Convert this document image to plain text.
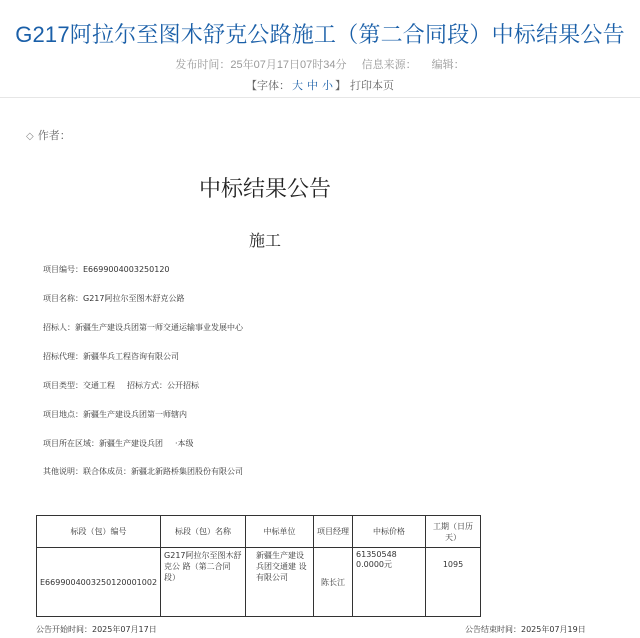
G217阿拉尔至图木舒克公路施工（第二合同段）中标结果公告
发布时间：25年07月17日07时34分 信息来源： 编辑：
【字体： 大 中 小 】 打印本页
◇ 作者：
中标结果公告
施工
项目编号：E6699004003250120
项目名称：G217阿拉尔至图木舒克公路
招标人：新疆生产建设兵团第一师交通运输事业发展中心
招标代理：新疆华兵工程咨询有限公司
项目类型：交通工程 招标方式：公开招标
项目地点：新疆生产建设兵团第一师辖内
项目所在区域：新疆生产建设兵团 ·本级
其他说明：联合体成员：新疆北新路桥集团股份有限公司
标段（包）编号	标段（包）名称	中标单位	项目经理	中标价格	工期（日历天）
E6699004003250120001002	G217阿拉尔至图木舒克公 路（第二合同段）	新疆生产建设兵团交通建 设有限公司	陈长江	61350548 0.0000元	1095
公告开始时间：2025年07月17日	公告结束时间：2025年07月19日
